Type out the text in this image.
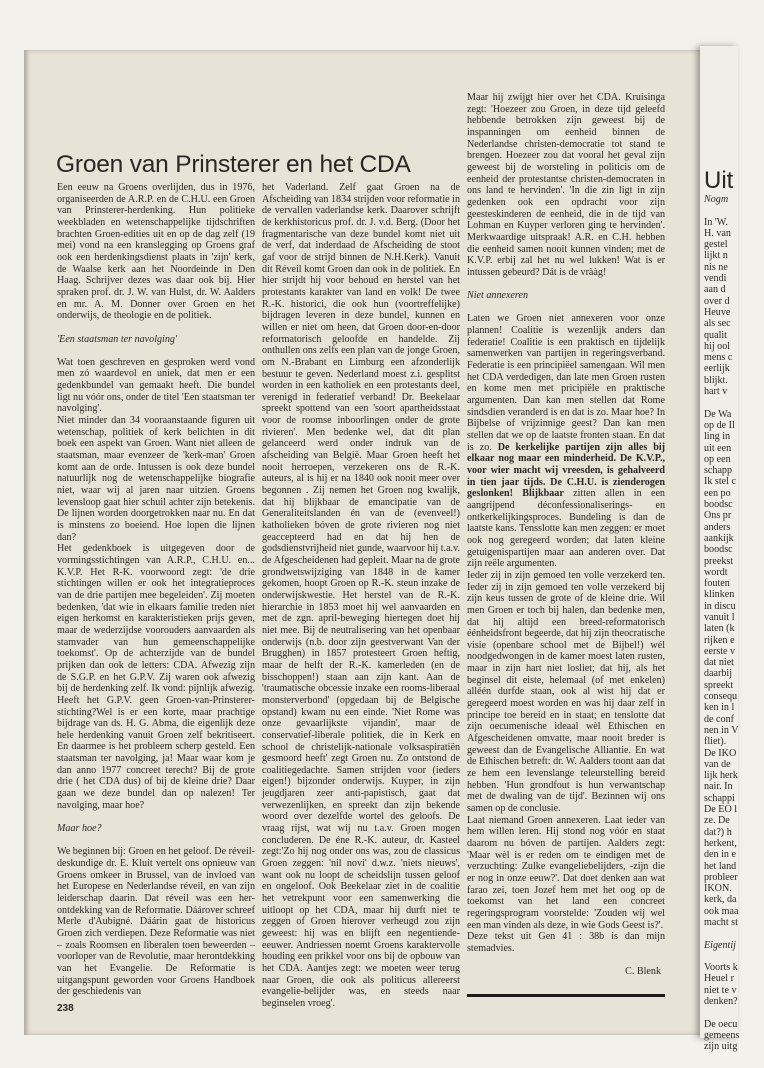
Groen van Prinsterer en het CDA

Een eeuw na Groens overlijden, dus in 1976, organiseerden de A.R.P. en de C.H.U. een Groen van Prinsterer-herdenking. Hun politieke weekbladen en wetenschappelijke tijdschriften brachten Groen-edities uit en op de dag zelf (19 mei) vond na een kranslegging op Groens graf ook een herdenkingsdienst plaats in 'zijn' kerk, de Waalse kerk aan het Noordeinde in Den Haag. Schrijver dezes was daar ook bij. Hier spraken prof. dr. J. W. van Hulst, dr. W. Aalders en mr. A. M. Donner over Groen en het onderwijs, de theologie en de politiek.

'Een staatsman ter navolging'

Wat toen geschreven en gesproken werd vond men zó waardevol en uniek, dat men er een gedenkbundel van gemaakt heeft. Die bundel ligt nu vóór ons, onder de titel 'Een staatsman ter navolging'.

Niet minder dan 34 vooraanstaande figuren uit wetenschap, politiek of kerk belichten in dit boek een aspekt van Groen. Want niet alleen de staatsman, maar evenzeer de 'kerk-man' Groen komt aan de orde. Intussen is ook deze bundel natuurlijk nog de wetenschappelijke biografie niet, waar wij al jaren naar uitzien. Groens levensloop gaat hier schuil achter zijn betekenis. De lijnen worden doorgetrokken naar nu. En dat is minstens zo boeiend. Hoe lopen die lijnen dan?

Het gedenkboek is uitgegeven door de vormingsstichtingen van A.R.P., C.H.U. en... K.V.P. Het R-K. voorwoord zegt: 'de drie stichtingen willen er ook het integratieproces van de drie partijen mee begeleiden'. Zij moeten bedenken, 'dat wie in elkaars familie treden niet eigen herkomst en karakteristieken prijs geven, maar de wederzijdse voorouders aanvaarden als stamvader van hun gemeenschappelijke toekomst'. Op de achterzijde van de bundel prijken dan ook de letters: CDA. Afwezig zijn de S.G.P. en het G.P.V. Zij waren ook afwezig bij de herdenking zelf. Ik vond: pijnlijk afwezig. Heeft het G.P.V. geen Groen-van-Prinsterer-stichting?Wel is er een korte, maar prachtige bijdrage van ds. H. G. Abma, die eigenlijk deze hele herdenking vanuit Groen zelf bekritiseert. En daarmee is het probleem scherp gesteld. Een staatsman ter navolging, ja! Maar waar kom je dan anno 1977 concreet terecht? Bij de grote drie ( het CDA dus) of bij de kleine drie? Daar gaan we deze bundel dan op nalezen! Ter navolging, maar hoe?

Maar hoe?

We beginnen bij: Groen en het geloof. De réveil-deskundige dr. E. Kluit vertelt ons opnieuw van Groens omkeer in Brussel, van de invloed van het Europese en Nederlandse réveil, en van zijn leiderschap daarin. Dat réveil was een her-ontdekking van de Reformatie. Dáárover schreef Merle d'Aubigné. Dáárin gaat de historicus Groen zich verdiepen. Deze Reformatie was niet – zoals Roomsen en liberalen toen beweerden – voorloper van de Revolutie, maar herontdekking van het Evangelie. De Reformatie is uitgangspunt geworden voor Groens Handboek der geschiedenis van

het Vaderland. Zelf gaat Groen na de Afscheiding van 1834 strijden voor reformatie in de vervallen vaderlandse kerk. Daarover schrijft de kerkhistoricus prof. dr. J. v.d. Berg. (Door het fragmentarische van deze bundel komt niet uit de verf, dat inderdaad de Afscheiding de stoot gaf voor de strijd binnen de N.H.Kerk). Vanuit dit Réveil komt Groen dan ook in de politiek. En hier strijdt hij voor behoud en herstel van het protestants karakter van land en volk! De twee R.-K. historici, die ook hun (voortreffelijke) bijdragen leveren in deze bundel, kunnen en willen er niet om heen, dat Groen door-en-door reformatorisch geloofde en handelde. Zij onthullen ons zelfs een plan van de jonge Groen, om N.-Brabant en Limburg een afzonderlijk bestuur te geven. Nederland moest z.i. gesplitst worden in een katholiek en een protestants deel, verenigd in federatief verband! Dr. Beekelaar spreekt spottend van een 'soort apartheidsstaat voor de roomse inboorlingen onder de grote rivieren'. Men bedenke wel, dat dit plan gelanceerd werd onder indruk van de afscheiding van België. Maar Groen heeft het nooit herroepen, verzekeren ons de R.-K. auteurs, al is hij er na 1840 ook nooit meer over begonnen . Zij nemen het Groen nog kwalijk, dat hij blijkbaar de emancipatie van de Generaliteitslanden én van de (evenveel!) katholieken bóven de grote rivieren nog niet geaccepteerd had en dat hij hen de godsdienstvrijheid niet gunde, waarvoor hij t.a.v. de Afgescheidenen had gepleit. Maar na de grote grondwetswijziging van 1848 in de kamer gekomen, hoopt Groen op R.-K. steun inzake de onderwijskwestie. Het herstel van de R.-K. hierarchie in 1853 moet hij wel aanvaarden en met de zgn. april-beweging hiertegen doet hij niet mee. Bij de neutralisering van het openbaar onderwijs (n.b. door zijn geestverwant Van der Brugghen) in 1857 protesteert Groen heftig, maar de helft der R.-K. kamerleden (en de bisschoppen!) staan aan zijn kant. Aan de 'traumatische obcessie inzake een rooms-liberaal monsterverbond' (opgedaan bij de Belgische opstand) kwam nu een einde. 'Niet Rome was onze gevaarlijkste vijandin', maar de conservatief-liberale politiek, die in Kerk en school de christelijk-nationale volksaspiratiën gesmoord heeft' zegt Groen nu. Zo ontstond de coalitiegedachte. Samen strijden voor (ieders eigen!) bijzonder onderwijs. Kuyper, in zijn jeugdjaren zeer anti-papistisch, gaat dat verwezenlijken, en spreekt dan zijn bekende woord over dezelfde wortel des geloofs. De vraag rijst, wat wij nu t.a.v. Groen mogen concluderen. De éne R.-K. auteur, dr. Kasteel zegt:'Zo hij nog onder ons was, zou de classicus Groen zeggen: 'nil novi' d.w.z. 'niets nieuws', want ook nu loopt de scheidslijn tussen geloof en ongeloof. Ook Beekelaar ziet in de coalitie het vetrekpunt voor een samenwerking die uitloopt op het CDA, maar hij durft niet te zeggen of Groen hierover verheugd zou zijn geweest: hij was en blijft een negentiende-eeuwer. Andriessen noemt Groens karaktervolle houding een prikkel voor ons bij de opbouw van het CDA. Aantjes zegt: we moeten weer terug naar Groen, die ook als politicus allereerst evangelie-belijder was, en steeds naar beginselen vroeg'.

Maar hij zwijgt hier over het CDA. Kruisinga zegt: 'Hoezeer zou Groen, in deze tijd geleefd hebbende betrokken zijn geweest bij de inspanningen om eenheid binnen de Nederlandse christen-democratie tot stand te brengen. Hoezeer zou dat vooral het geval zijn geweest bij de worsteling in politicis om de eenheid der protestantse christen-democraten in ons land te hervinden'. 'In die zin ligt in zijn gedenken ook een opdracht voor zijn geesteskinderen de eenheid, die in de tijd van Lohman en Kuyper verloren ging te hervinden'. Merkwaardige uitspraak! A.R. en C.H. hebben die eenheid samen nooit kunnen vinden; met de K.V.P. erbij zal het nu wel lukken! Wat is er intussen gebeurd? Dát is de vrààg!

Niet annexeren

Laten we Groen niet annexeren voor onze plannen! Coalitie is wezenlijk anders dan federatie! Coalitie is een praktisch en tijdelijk samenwerken van partijen in regeringsverband. Federatie is een principiëel samengaan. Wil men het CDA verdedigen, dan late men Groen rusten en kome men met pricipiële en praktische argumenten. Dan kan men stellen dat Rome sindsdien veranderd is en dat is zo. Maar hoe? In Bijbelse of vrijzinnige geest? Dan kan men stellen dat we op de laatste fronten staan. En dat is zo. De kerkelijke partijen zijn alles bij elkaar nog maar een minderheid. De K.V.P., voor wier macht wij vreesden, is gehalveerd in tien jaar tijds. De C.H.U. is zienderogen geslonken! Blijkbaar zitten allen in een aangrijpend déconfessionaliserings- en ontkerkelijkingsproces. Bundeling is dan de laatste kans. Tensslotte kan men zeggen: er moet ook nog geregeerd worden; dat laten kleine getuigenispartijen maar aan anderen over. Dat zijn reële argumenten.

Ieder zij in zijn gemoed ten volle verzekerd ten. Ieder zij in zijn gemoed ten volle verzekerd bij zijn keus tussen de grote of de kleine drie. Wil men Groen er toch bij halen, dan bedenke men, dat hij altijd een breed-reformatorisch éénheidsfront begeerde, dat hij zijn theocratische visie (openbare school met de Bijbel!) wél noodgedwongen in de kamer moest laten rusten, maar in zijn hart niet losliet; dat hij, als het beginsel dit eiste, helemaal (of met enkelen) alléén durfde staan, ook al wist hij dat er geregeerd moest worden en was hij daar zelf in principe toe bereid en in staat; en tenslotte dat zijn oecumenische ideaal wèl Ethischen en Afgescheidenen omvatte, maar nooit breder is geweest dan de Evangelische Alliantie. En wat de Ethischen betreft: dr. W. Aalders toont aan dat ze hem een levenslange teleurstelling bereid hebben. 'Hun grondfout is hun verwantschap met de dwaling van de tijd'. Bezinnen wij ons samen op de conclusie.

Laat niemand Groen annexeren. Laat ieder van hem willen leren. Hij stond nog vóór en staat daarom nu bóven de partijen. Aalders zegt: 'Maar wèl is er reden om te eindigen met de verzuchting: Zulke evangeliebelijders, -zijn die er nog in onze eeuw?'. Dat doet denken aan wat farao zei, toen Jozef hem met het oog op de toekomst van het land een concreet regeringsprogram voorstelde: 'Zouden wij wel een man vinden als deze, in wie Gods Geest is?'.

Deze tekst uit Gen 41 : 38b is dan mijn stemadvies.

C. Blenk

238
Uit
Nogm
In 'W.
H. van
gestel
lijkt n
nis ne
vendi
aan d
over d
Heuve
als sec
qualit
hij ool
mens c
eerlijk
blijkt.
hart v
De Wa
op de Il
ling in
uit een
op een
schapp
Ik stel c
een po
boodsc
Ons pr
anders
aankijk
boodsc
preekst
wordt
fouten
klinken
in discu
vanuit l
laten (k
rijken e
eerste v
dat niet
daarbij
spreekt
consequ
ken in l
de conf
nen in V
fliet).
De IKO
van de
lijk herk
nair. In
schappi
De EO l
ze. De
dat?) h
herkent,
den in e
het land
probleer
IKON.
kerk, da
ook maa
macht st
Eigentij
Voorts k
Heuel r
niet te v
denken?
De oecu
gemeens
zijn uitg
